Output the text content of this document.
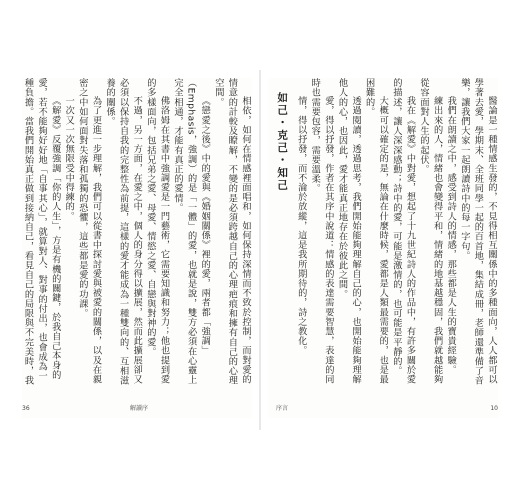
相依，如何在情感裡面唱和，如何保持深情而不致於控制，而對愛的情意的計較及瞭解，不變的是必須跨越自己的心理疤痕和擁有自己的心理空間。

《戀愛之後》中的愛與《婚姻關係》裡的愛，兩者都「強調」（Emphasis，強調）的是「一體」的愛，也就是說，雙方必須在心靈上完全相通，才能有真正的愛情。

佛洛姆在其書中強調愛是一門藝術，它需要知識和努力；他也提到愛的多樣面向，包括兄弟之愛、母愛、情慾之愛、自戀與對神的愛。

不過，另一方面，在愛之中，個人的身分得以擴展，然而此擴展卻又必須以保持自我的完整性為前提，這樣的愛才能成為一種雙向的、互相滋養的關係。

為了更進一步理解，我們可以從書中探討愛與被愛的關係，以及在親密之中如何面對失落和孤獨的恐懼，這些都是愛的功課。

一次又一次無限受中得練的。

《解愛》反覆強調「你的人生」，方是有機的關鍵，於我自己本身的愛，若不能夠好好地「自事其心」，就算對人、對事的付出，也會成為一種負擔。當我們開始真正做到接納自己，看見自己的局限與不完美時，我

36	解讀序

醫論是一種情感生發的，不見得相互關係中的多種面向，人人都可以學著去愛，學期末、全班同學一起的百首地，集結成冊，老師還準備了音樂，讓我們大家一起朗讀詩中的每一字句。

我們在朗讀之中，感受到詩人的情感，那些都是人生的寶貴經驗。

練出來的人，情緒也會變得平和，情緒的地基越穩固，我們就越能夠從容面對人生的起伏。

我在《解愛》中對愛，想起了十九世紀詩人的作品中，有許多關於愛的描述，讓人深深感動；詩中的愛，可能是激情的，也可能是平靜的。

大概可以確定的是，無論在什麼時候，愛都是人類最需要的，也是最困難的。

透過閱讀，透過思考，我們開始能夠理解自己的心，也開始能夠理解他人的心，也因此，愛才能真正地存在於彼此之間。

愛，得以抒發，作者在其序中說道：情感的表達需要智慧，表達的同時也需要包容，需要溫柔。

情，得以抒發，而不淪於放縱，這是我所期待的，詩之教化。

如己・克己・知己

序言	10
